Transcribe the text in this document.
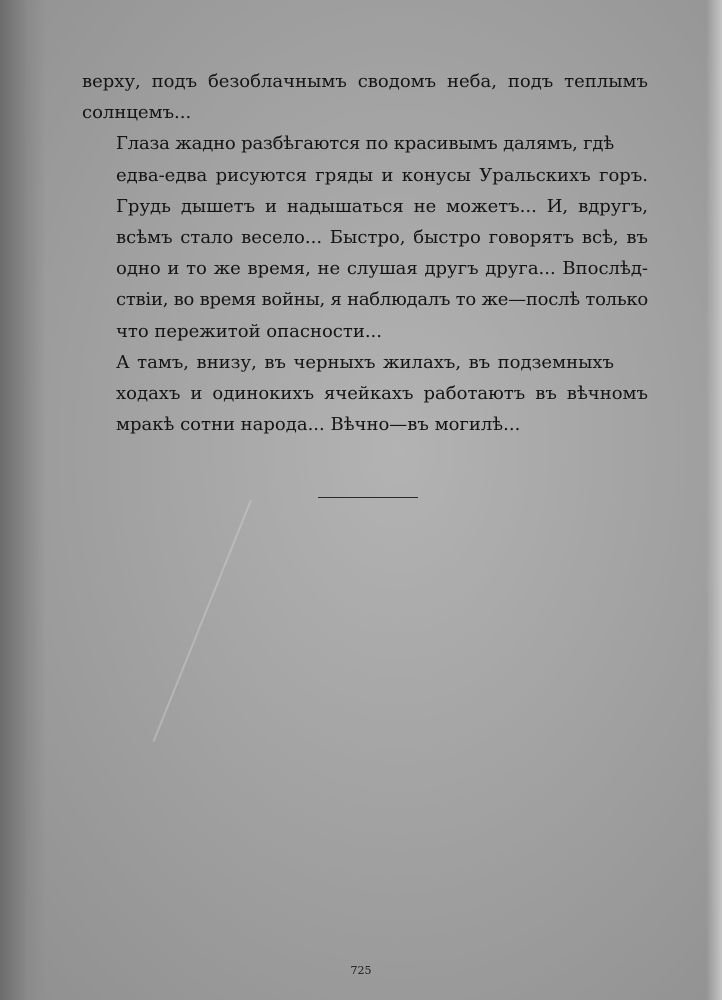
верху, подъ безоблачнымъ сводомъ неба, подъ теплымъ
солнцемъ...

Глаза жадно разбѣгаются по красивымъ далямъ, гдѣ
едва-едва рисуются гряды и конусы Уральскихъ горъ.
Грудь дышетъ и надышаться не можетъ... И, вдругъ,
всѣмъ стало весело... Быстро, быстро говорятъ всѣ, въ
одно и то же время, не слушая другъ друга... Впослѣд-
ствіи, во время войны, я наблюдалъ то же—послѣ только
что пережитой опасности...

А тамъ, внизу, въ черныхъ жилахъ, въ подземныхъ
ходахъ и одинокихъ ячейкахъ работаютъ въ вѣчномъ
мракѣ сотни народа... Вѣчно—въ могилѣ...

725
